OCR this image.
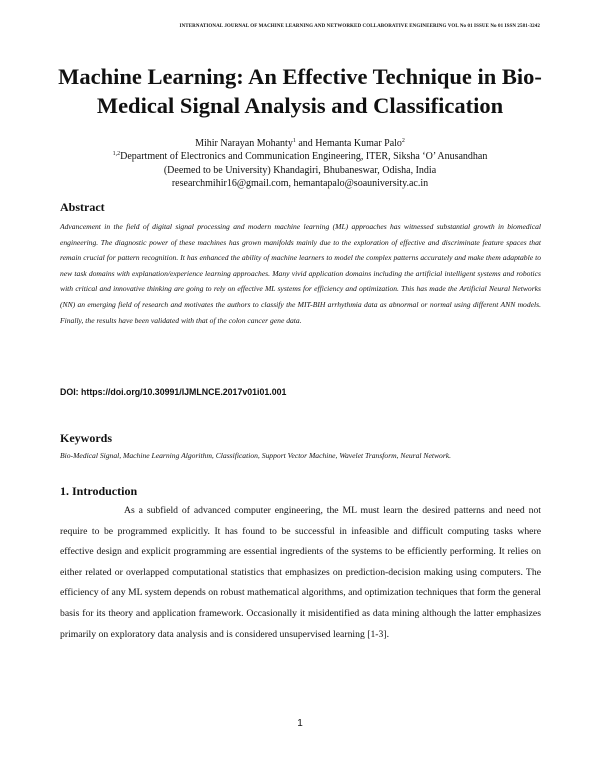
INTERNATIONAL JOURNAL OF MACHINE LEARNING AND NETWORKED COLLABORATIVE ENGINEERING VOL No 01 ISSUE No 01 ISSN 2581-3242
Machine Learning: An Effective Technique in Bio-Medical Signal Analysis and Classification
Mihir Narayan Mohanty$^1$ and Hemanta Kumar Palo$^2$
$^{1,2}$Department of Electronics and Communication Engineering, ITER, Siksha ‘O’ Anusandhan
(Deemed to be University) Khandagiri, Bhubaneswar, Odisha, India
researchmihir16@gmail.com, hemantapalo@soauniversity.ac.in
Abstract

Advancement in the field of digital signal processing and modern machine learning (ML) approaches has witnessed substantial growth in biomedical engineering. The diagnostic power of these machines has grown manifolds mainly due to the exploration of effective and discriminate feature spaces that remain crucial for pattern recognition. It has enhanced the ability of machine learners to model the complex patterns accurately and make them adaptable to new task domains with explanation/experience learning approaches. Many vivid application domains including the artificial intelligent systems and robotics with critical and innovative thinking are going to rely on effective ML systems for efficiency and optimization. This has made the Artificial Neural Networks (NN) an emerging field of research and motivates the authors to classify the MIT-BIH arrhythmia data as abnormal or normal using different ANN models. Finally, the results have been validated with that of the colon cancer gene data.

DOI: https://doi.org/10.30991/IJMLNCE.2017v01i01.001
Keywords

Bio-Medical Signal, Machine Learning Algorithm, Classification, Support Vector Machine, Wavelet Transform, Neural Network.

1. Introduction

As a subfield of advanced computer engineering, the ML must learn the desired patterns and need not require to be programmed explicitly. It has found to be successful in infeasible and difficult computing tasks where effective design and explicit programming are essential ingredients of the systems to be efficiently performing. It relies on either related or overlapped computational statistics that emphasizes on prediction-decision making using computers. The efficiency of any ML system depends on robust mathematical algorithms, and optimization techniques that form the general basis for its theory and application framework. Occasionally it misidentified as data mining although the latter emphasizes primarily on exploratory data analysis and is considered unsupervised learning [1-3].

1
